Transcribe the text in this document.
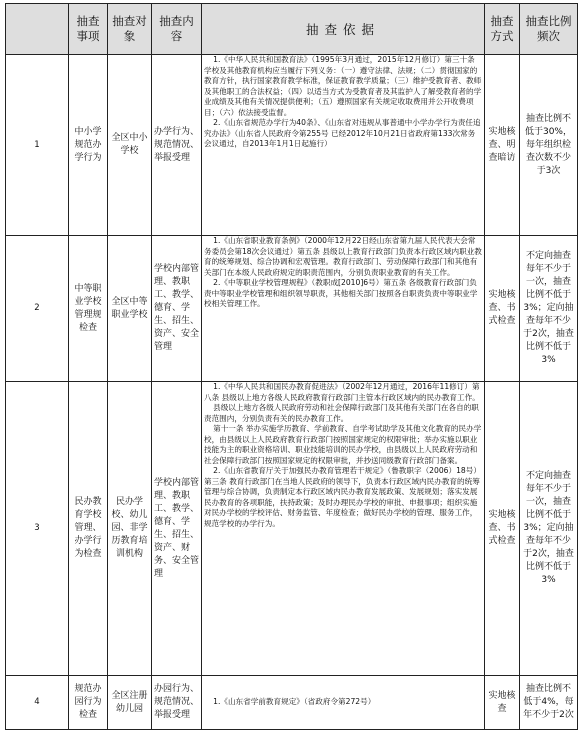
	抽查事项	抽查对象	抽查内容	抽查依据	抽查方式	抽查比例频次
1	中小学规范办学行为	全区中小学校	办学行为、规范情况、举报受理	1.《中华人民共和国教育法》（1995年3月通过，2015年12月修订）第三十条 学校及其他教育机构应当履行下列义务：（一）遵守法律、法规；（二）贯彻国家的教育方针，执行国家教育教学标准，保证教育教学质量；（三）维护受教育者、教师及其他职工的合法权益；（四）以适当方式为受教育者及其监护人了解受教育者的学业成绩及其他有关情况提供便利；（五）遵照国家有关规定收取费用并公开收费项目；（六）依法接受监督。

2.《山东省规范办学行为40条》、《山东省对违规从事普通中小学办学行为责任追究办法》（山东省人民政府令第255号 已经2012年10月21日省政府第133次常务会议通过，自2013年1月1日起施行）	实地核查、明查暗访	抽查比例不低于30%，每年组织检查次数不少于3次
2	中等职业学校管理规检查	全区中等职业学校	学校内部管理、教职工、教学、德育、学生、招生、资产、安全管理	1.《山东省职业教育条例》（2000年12月22日经山东省第九届人民代表大会常务委员会第18次会议通过）第五条 县级以上教育行政部门负责本行政区域内职业教育的统筹规划、综合协调和宏观管理。教育行政部门、劳动保障行政部门和其他有关部门在本级人民政府规定的职责范围内，分别负责职业教育的有关工作。

2.《中等职业学校管理规程》（教职成[2010]6号）第五条 各级教育行政部门负责中等职业学校管理和组织领导职责，其他相关部门按照各自职责负责中等职业学校相关管理工作。	实地核查、书式检查	不定向抽查每年不少于一次，抽查比例不低于3%；定向抽查每年不少于2次，抽查比例不低于3%
3	民办教育学校管理、办学行为检查	民办学校、幼儿园、非学历教育培训机构	学校内部管理、教职工、教学、德育、学生、招生、资产、财务、安全管理	1.《中华人民共和国民办教育促进法》（2002年12月通过，2016年11修订）第八条 县级以上地方各级人民政府教育行政部门主管本行政区域内的民办教育工作。

县级以上地方各级人民政府劳动和社会保障行政部门及其他有关部门在各自的职责范围内，分别负责有关的民办教育工作。

第十一条 举办实施学历教育、学前教育、自学考试助学及其他文化教育的民办学校，由县级以上人民政府教育行政部门按照国家规定的权限审批；举办实施以职业技能为主的职业资格培训、职业技能培训的民办学校，由县级以上人民政府劳动和社会保障行政部门按照国家规定的权限审批，并抄送同级教育行政部门备案。

2.《山东省教育厅关于加强民办教育管理若干规定》（鲁教职字（2006）18号）第三条 教育行政部门在当地人民政府的领导下，负责本行政区域内民办教育的统筹管理与综合协调，负责制定本行政区域内民办教育发展政策、发展规划；落实发展民办教育的各项职能，扶持政策；及时办理民办学校的审批、申报事项；组织实施对民办学校的学校评估、财务监管、年度检查；做好民办学校的管理、服务工作，规范学校的办学行为。	实地核查、书式检查	不定向抽查每年不少于一次，抽查比例不低于3%；定向抽查每年不少于2次，抽查比例不低于3%
4	规范办园行为检查	全区注册幼儿园	办园行为、规范情况、举报受理	1.《山东省学前教育规定》（省政府令第272号）	实地核查	抽查比例不低于4%，每年不少于2次
